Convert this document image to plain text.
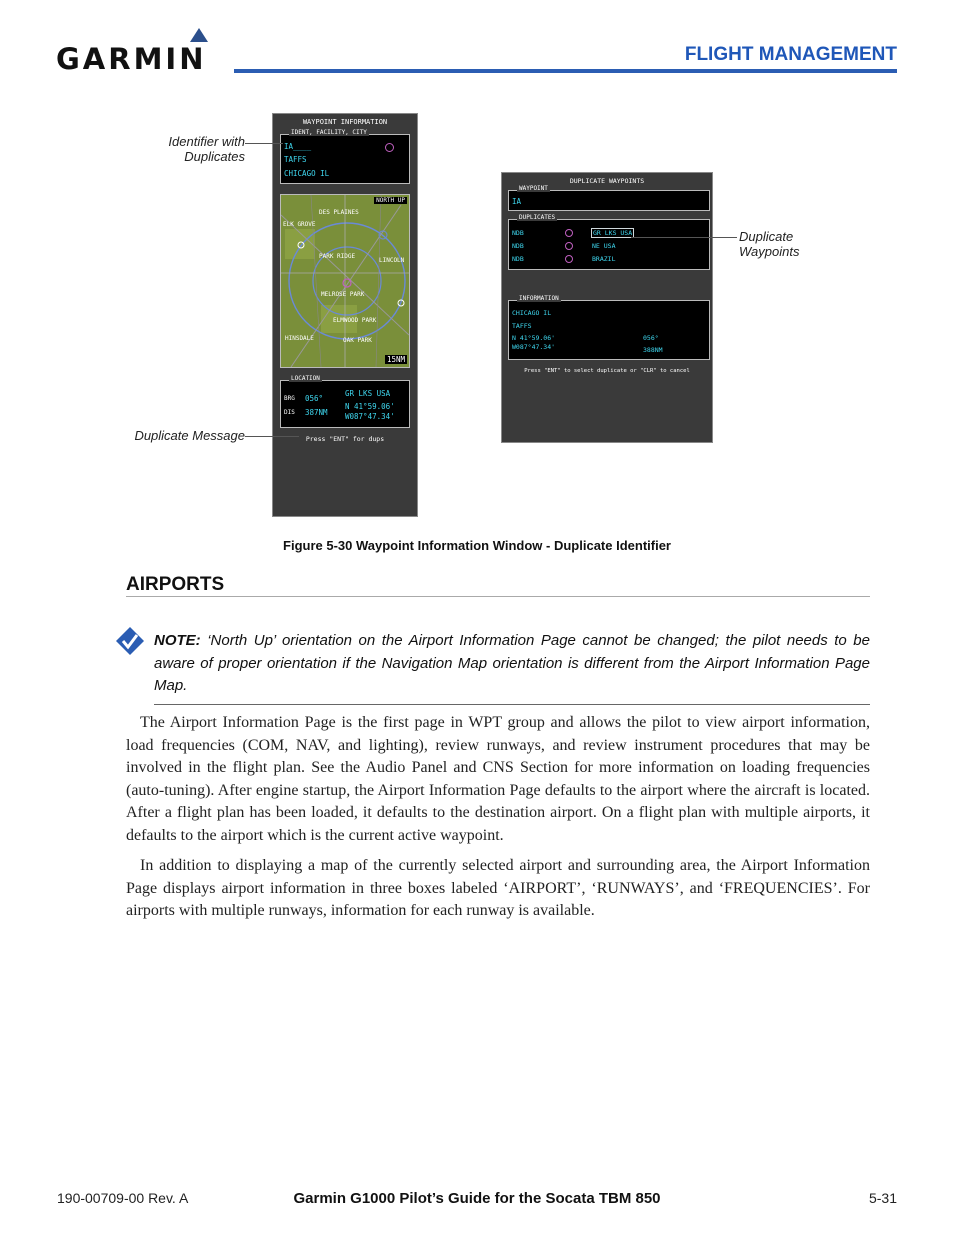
GARMIN	FLIGHT MANAGEMENT
WAYPOINT INFORMATION
IDENT, FACILITY, CITY
IA____
TAFFS
CHICAGO IL
NORTH UP
DES PLAINES
PARK RIDGE
ELK GROVE
MELROSE PARK
ELMWOOD PARK
OAK PARK
HINSDALE
LINCOLN
15NM
LOCATION
GR LKS USA
BRG 056°
DIS 387NM
N 41°59.06'
W087°47.34'
Press "ENT" for dups
Identifier with Duplicates
Duplicate Message
DUPLICATE WAYPOINTS
WAYPOINT
IA
DUPLICATES
NDB	GR LKS USA
NDB	NE USA
NDB	BRAZIL
INFORMATION
CHICAGO IL
TAFFS
N 41°59.06'
W087°47.34'
056°
388NM
Press "ENT" to select duplicate or "CLR" to cancel
Duplicate Waypoints
Figure 5-30 Waypoint Information Window - Duplicate Identifier
AIRPORTS
NOTE: ‘North Up’ orientation on the Airport Information Page cannot be changed; the pilot needs to be aware of proper orientation if the Navigation Map orientation is different from the Airport Information Page Map.
The Airport Information Page is the first page in WPT group and allows the pilot to view airport information, load frequencies (COM, NAV, and lighting), review runways, and review instrument procedures that may be involved in the flight plan. See the Audio Panel and CNS Section for more information on loading frequencies (auto-tuning). After engine startup, the Airport Information Page defaults to the airport where the aircraft is located. After a flight plan has been loaded, it defaults to the destination airport. On a flight plan with multiple airports, it defaults to the airport which is the current active waypoint.
In addition to displaying a map of the currently selected airport and surrounding area, the Airport Information Page displays airport information in three boxes labeled ‘AIRPORT’, ‘RUNWAYS’, and ‘FREQUENCIES’. For airports with multiple runways, information for each runway is available.
190-00709-00 Rev. A	Garmin G1000 Pilot’s Guide for the Socata TBM 850	5-31
